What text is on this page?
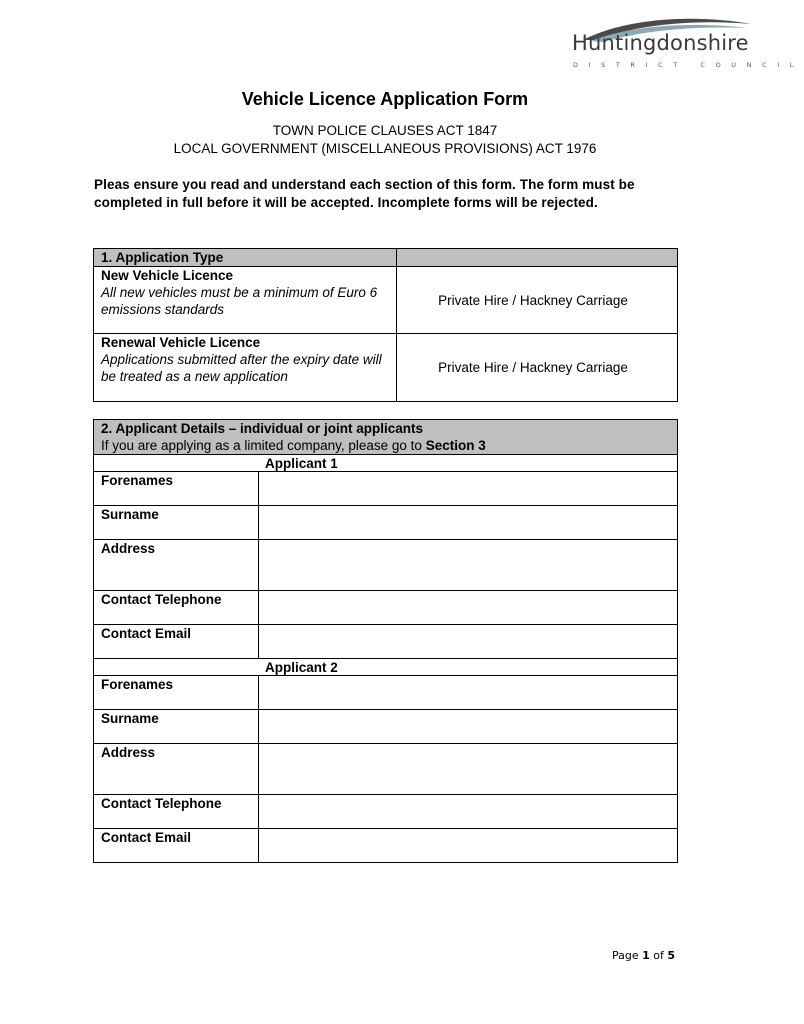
Huntingdonshire
DISTRICT COUNCIL
Vehicle Licence Application Form
TOWN POLICE CLAUSES ACT 1847
LOCAL GOVERNMENT (MISCELLANEOUS PROVISIONS) ACT 1976
Pleas ensure you read and understand each section of this form. The form must be completed in full before it will be accepted. Incomplete forms will be rejected.
1. Application Type
New Vehicle Licence
All new vehicles must be a minimum of Euro 6 emissions standards
Private Hire / Hackney Carriage
Renewal Vehicle Licence
Applications submitted after the expiry date will be treated as a new application
Private Hire / Hackney Carriage
2. Applicant Details – individual or joint applicants
If you are applying as a limited company, please go to Section 3
Applicant 1
Forenames
Surname
Address
Contact Telephone
Contact Email
Applicant 2
Forenames
Surname
Address
Contact Telephone
Contact Email
Page 1 of 5
